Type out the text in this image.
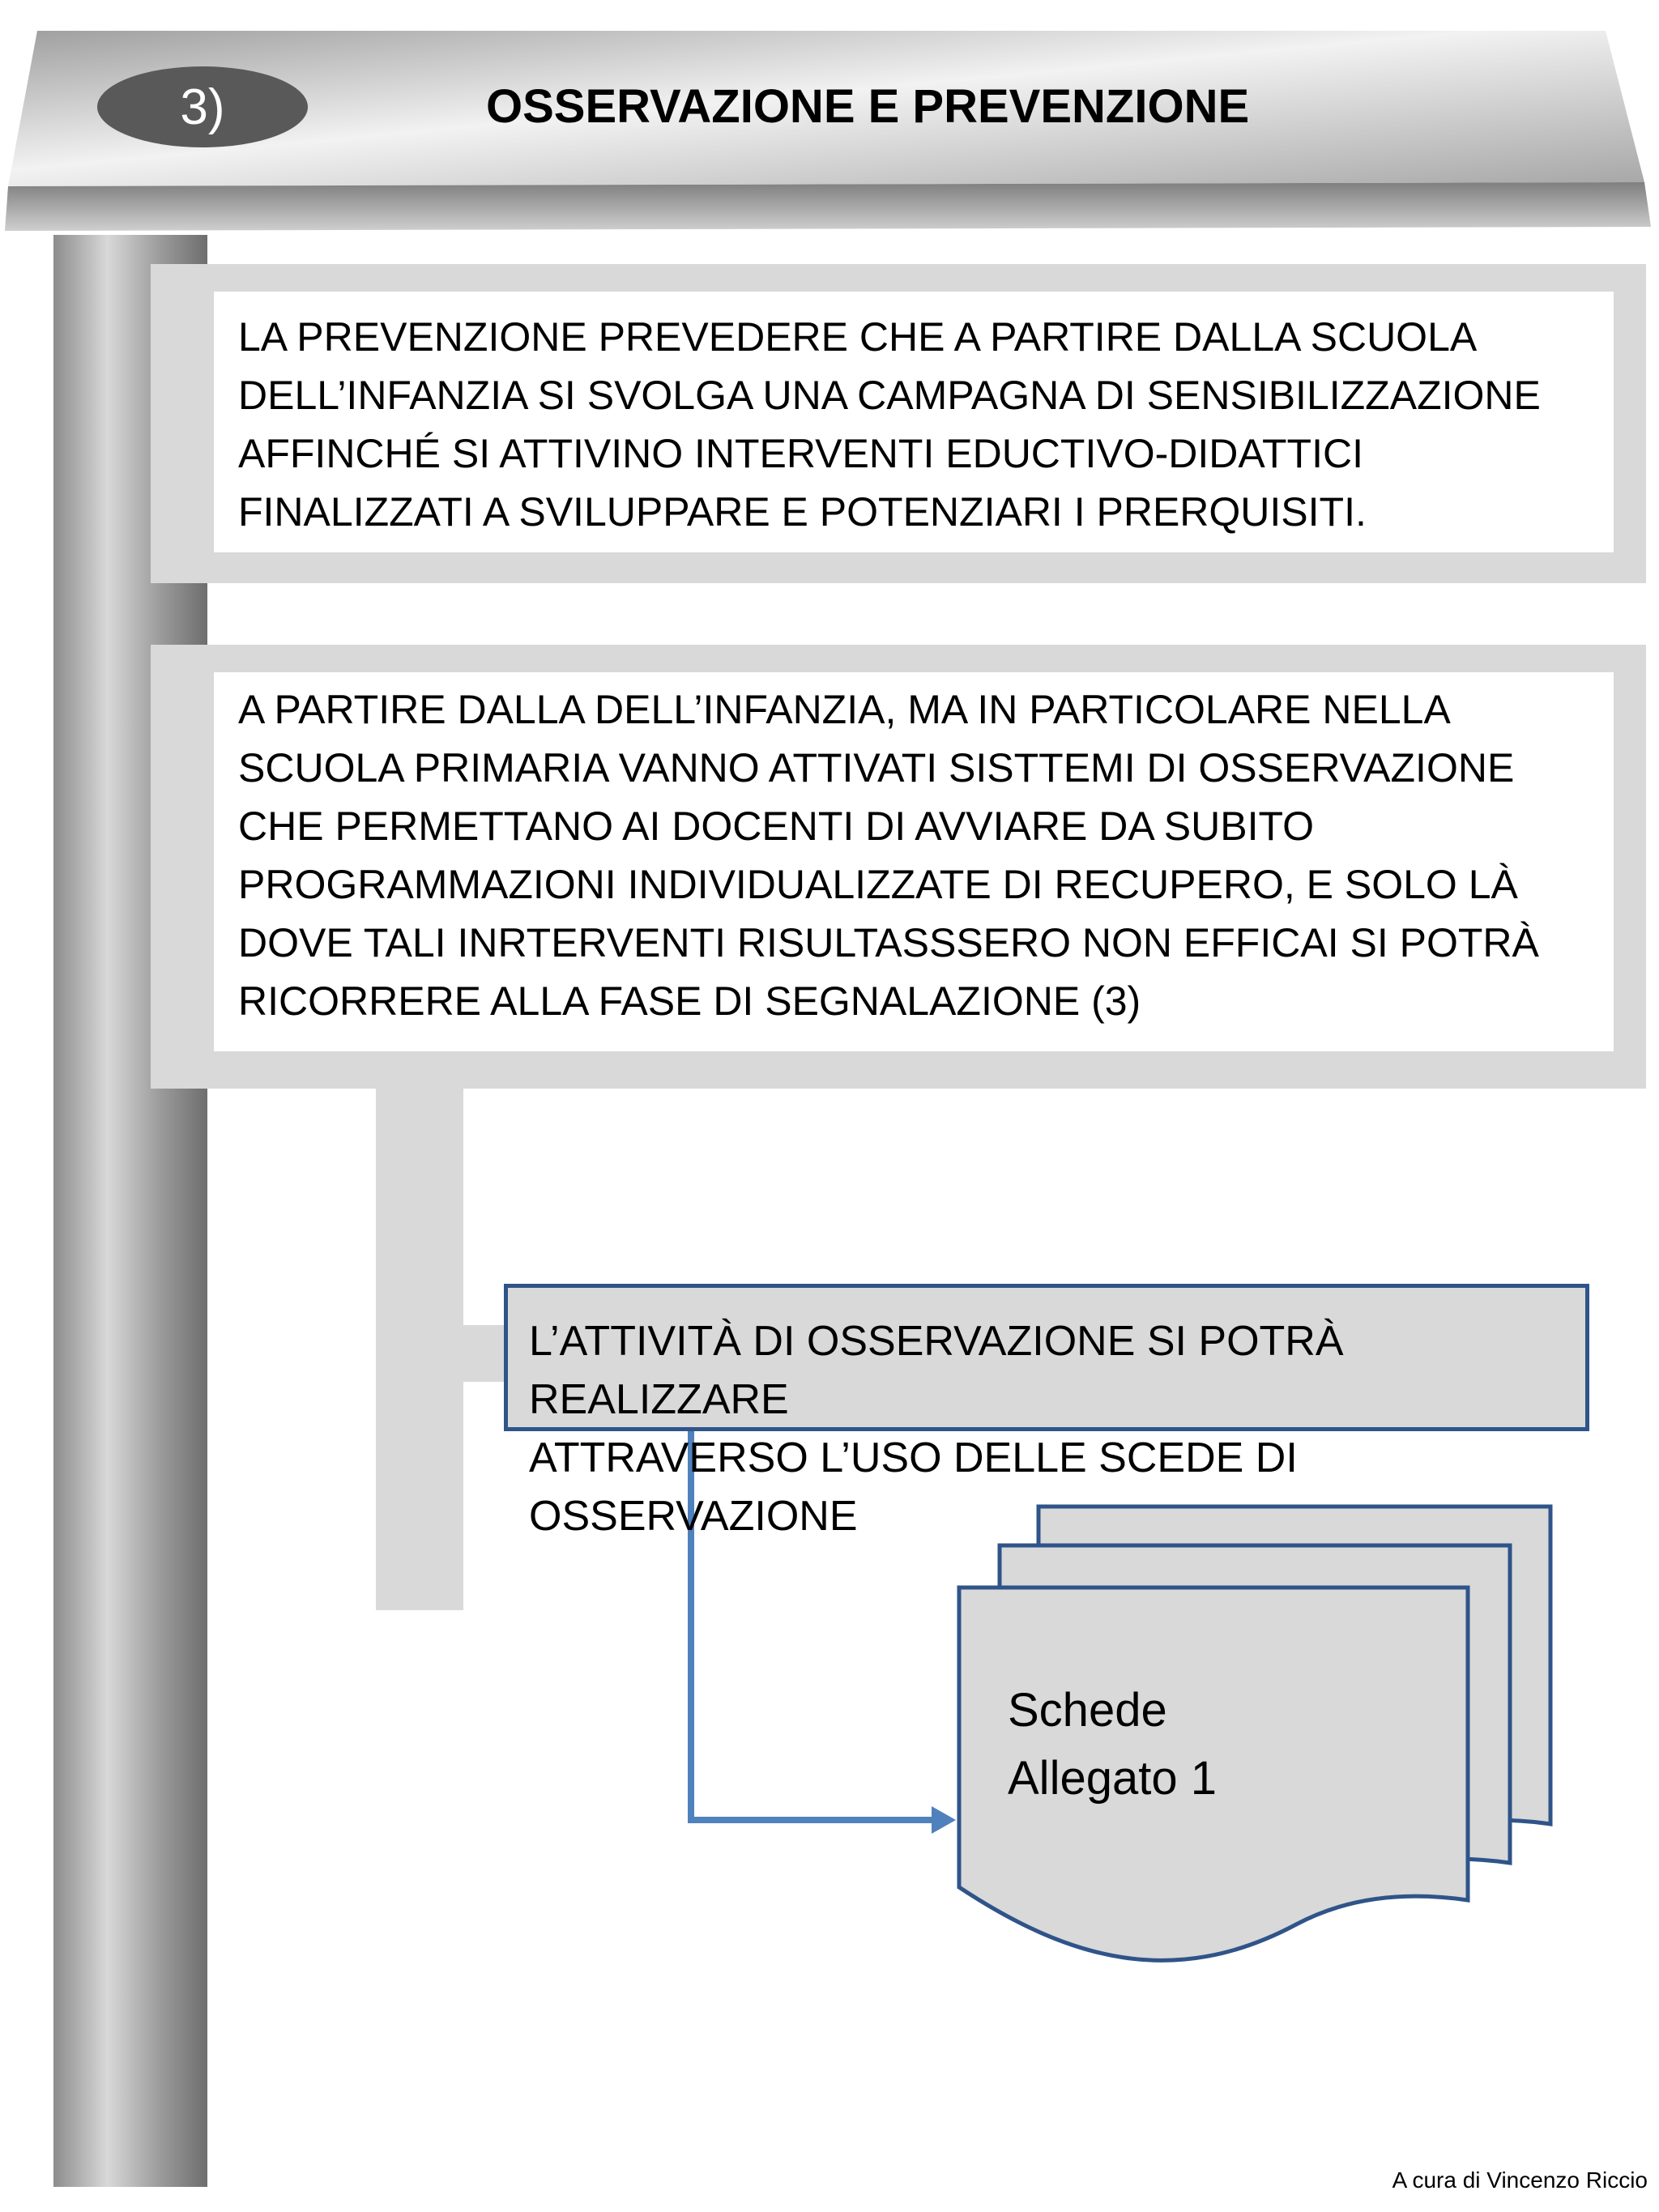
3)	OSSERVAZIONE E PREVENZIONE

LA PREVENZIONE PREVEDERE CHE A PARTIRE DALLA SCUOLA

DELL’INFANZIA SI SVOLGA UNA CAMPAGNA DI SENSIBILIZZAZIONE

AFFINCHÉ SI ATTIVINO INTERVENTI EDUCTIVO-DIDATTICI

FINALIZZATI A SVILUPPARE E POTENZIARI I PRERQUISITI.

A PARTIRE DALLA DELL’INFANZIA, MA IN PARTICOLARE NELLA

SCUOLA PRIMARIA VANNO ATTIVATI SISTTEMI DI OSSERVAZIONE

CHE PERMETTANO AI DOCENTI DI AVVIARE DA SUBITO

PROGRAMMAZIONI INDIVIDUALIZZATE DI RECUPERO, E SOLO LÀ

DOVE TALI INRTERVENTI RISULTASSSERO NON EFFICAI SI POTRÀ

RICORRERE ALLA FASE DI SEGNALAZIONE (3)

L’ATTIVITÀ DI OSSERVAZIONE SI POTRÀ REALIZZARE

ATTRAVERSO L’USO DELLE SCEDE DI OSSERVAZIONE

Schede
Allegato 1
A cura di Vincenzo Riccio
